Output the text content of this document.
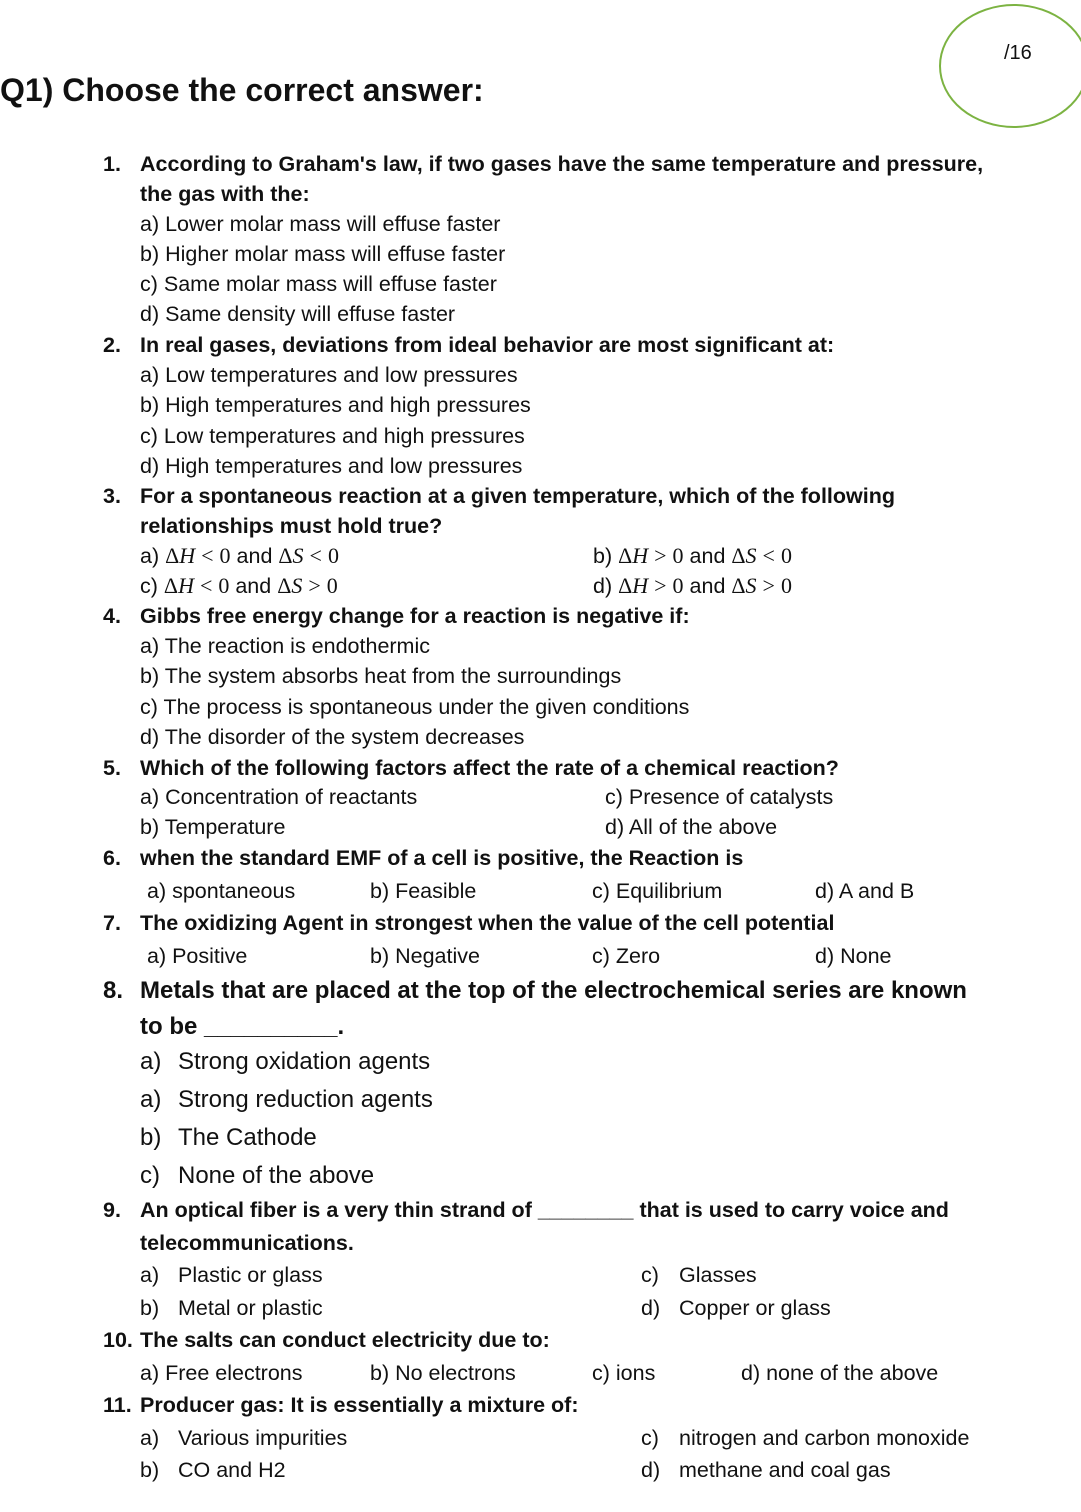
/16
Q1) Choose the correct answer:
1. According to Graham's law, if two gases have the same temperature and pressure,
the gas with the:
a) Lower molar mass will effuse faster
b) Higher molar mass will effuse faster
c) Same molar mass will effuse faster
d) Same density will effuse faster
2. In real gases, deviations from ideal behavior are most significant at:
a) Low temperatures and low pressures
b) High temperatures and high pressures
c) Low temperatures and high pressures
d) High temperatures and low pressures
3. For a spontaneous reaction at a given temperature, which of the following
relationships must hold true?
a) ΔH < 0 and ΔS < 0	b) ΔH > 0 and ΔS < 0
c) ΔH < 0 and ΔS > 0	d) ΔH > 0 and ΔS > 0
4. Gibbs free energy change for a reaction is negative if:
a) The reaction is endothermic
b) The system absorbs heat from the surroundings
c) The process is spontaneous under the given conditions
d) The disorder of the system decreases
5. Which of the following factors affect the rate of a chemical reaction?
a) Concentration of reactants	c) Presence of catalysts
b) Temperature	d) All of the above
6. when the standard EMF of a cell is positive, the Reaction is
a) spontaneous	b) Feasible	c) Equilibrium	d) A and B
7. The oxidizing Agent in strongest when the value of the cell potential
a) Positive	b) Negative	c) Zero	d) None
8. Metals that are placed at the top of the electrochemical series are known
to be __________.
a) Strong oxidation agents
a) Strong reduction agents
b) The Cathode
c) None of the above
9. An optical fiber is a very thin strand of ________ that is used to carry voice and
telecommunications.
a) Plastic or glass	c) Glasses
b) Metal or plastic	d) Copper or glass
10. The salts can conduct electricity due to:
a) Free electrons	b) No electrons	c) ions	d) none of the above
11. Producer gas: It is essentially a mixture of:
a) Various impurities	c) nitrogen and carbon monoxide
b) CO and H2	d) methane and coal gas
